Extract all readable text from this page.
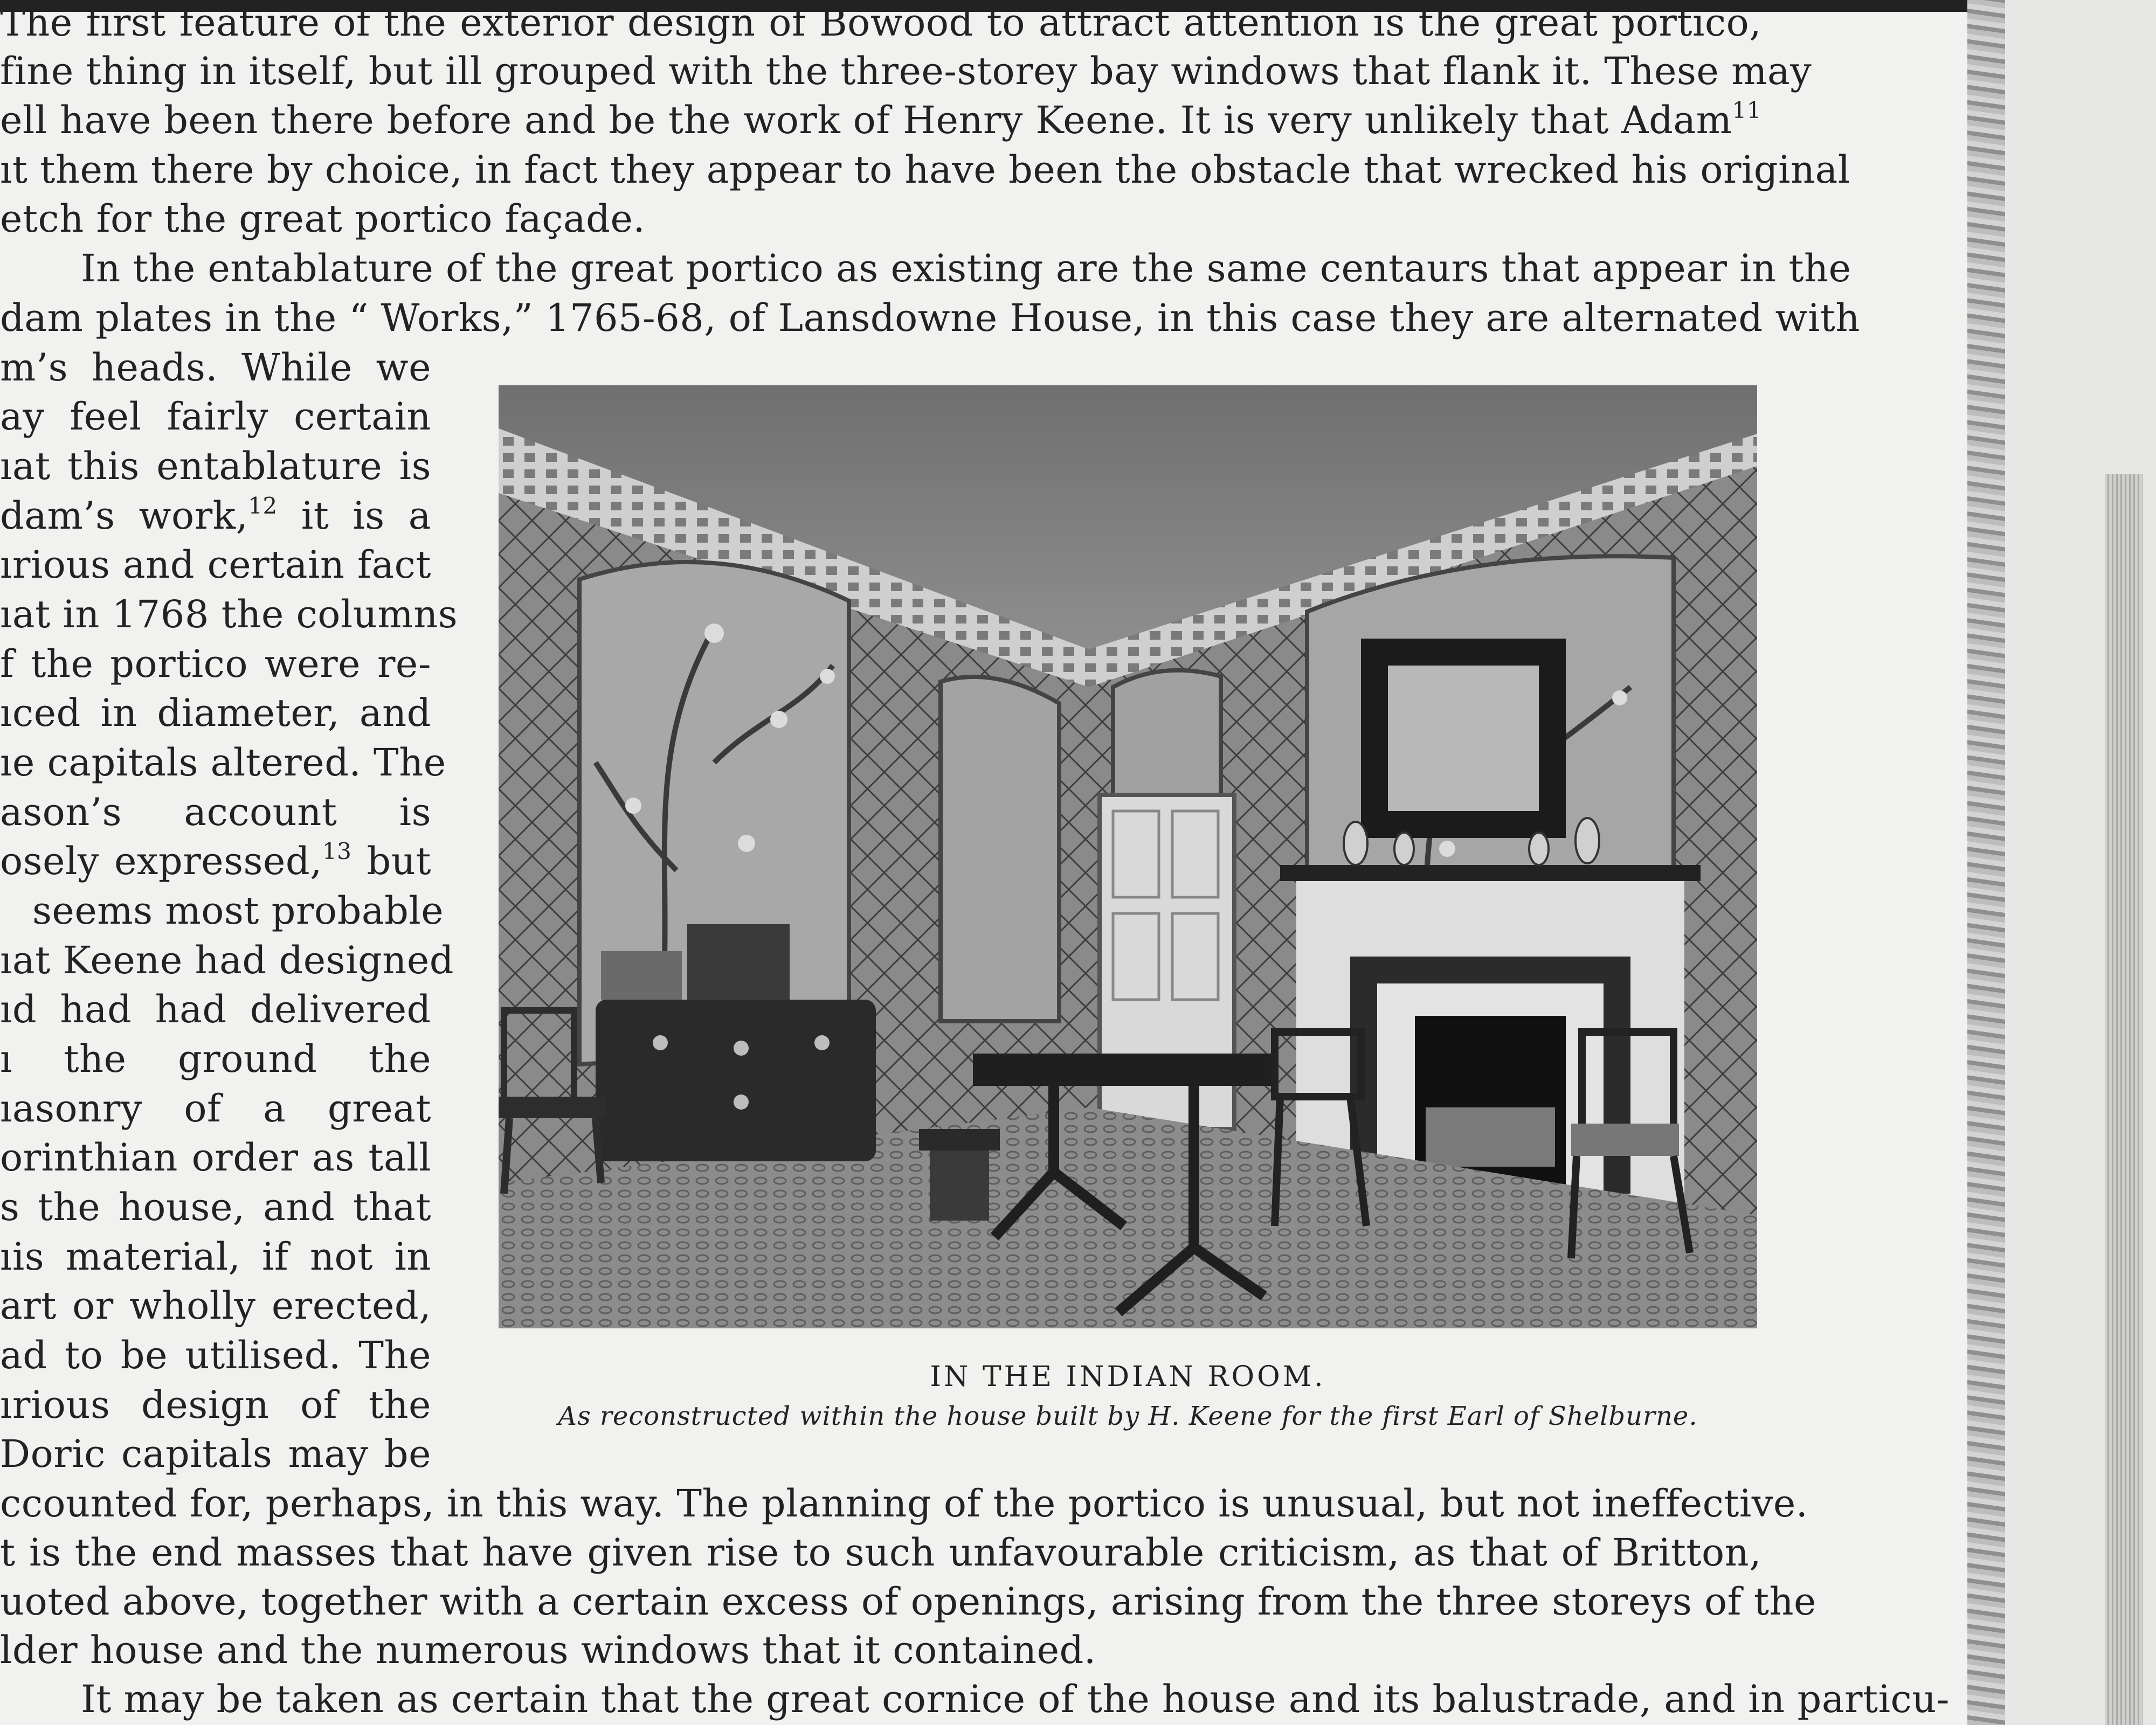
The first feature of the exterior design of Bowood to attract attention is the great portico,
fine thing in itself, but ill grouped with the three-storey bay windows that flank it. These may
ell have been there before and be the work of Henry Keene. It is very unlikely that Adam$^{11}$
ıt them there by choice, in fact they appear to have been the obstacle that wrecked his original
etch for the great portico façade.
In the entablature of the great portico as existing are the same centaurs that appear in the
dam plates in the “ Works,” 1765-68, of Lansdowne House, in this case they are alternated with
m’s heads. While we
ay feel fairly certain
ıat this entablature is
dam’s work,$^{12}$ it is a
ırious and certain fact
ıat in 1768 the columns
f the portico were re-
ıced in diameter, and
ıe capitals altered. The
ason’s account is
osely expressed,$^{13}$ but
seems most probable
ıat Keene had designed
ıd had had delivered
ı the ground the
ıasonry of a great
orinthian order as tall
s the house, and that
ıis material, if not in
art or wholly erected,
ad to be utilised. The
ırious design of the
Doric capitals may be
IN THE INDIAN ROOM.
As reconstructed within the house built by H. Keene for the first Earl of Shelburne.
ccounted for, perhaps, in this way. The planning of the portico is unusual, but not ineffective.
t is the end masses that have given rise to such unfavourable criticism, as that of Britton,
uoted above, together with a certain excess of openings, arising from the three storeys of the
lder house and the numerous windows that it contained.
It may be taken as certain that the great cornice of the house and its balustrade, and in particu-
